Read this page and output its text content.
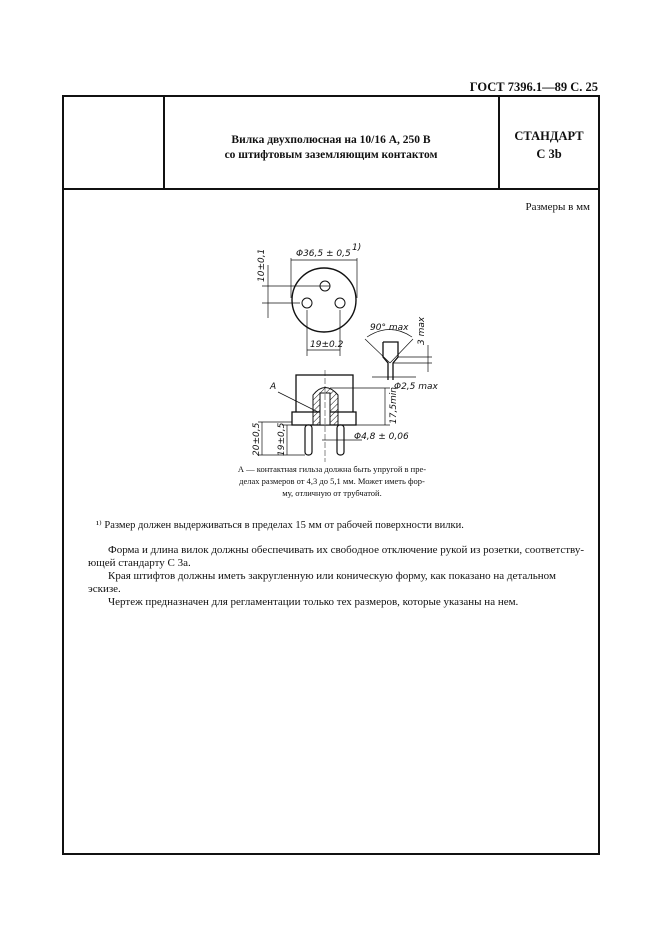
ГОСТ 7396.1—89 С. 25
Вилка двухполюсная на 10/16 А, 250 В
со штифтовым заземляющим контактом
СТАНДАРТ
С 3b
Размеры в мм
Φ36,5 ± 0,5
1)
10±0,1
19±0.2
90° max 3 max
Φ2,5 max
A	17,5min
Φ4,8 ± 0,06
20±0,5 19±0,5
А — контактная гильза должна быть упругой в пре-
делах размеров от 4,3 до 5,1 мм. Может иметь фор-
му, отличную от трубчатой.
¹⁾ Размер должен выдерживаться в пределах 15 мм от рабочей поверхности вилки.
Форма и длина вилок должны обеспечивать их свободное отключение рукой из розетки, соответству-
ющей стандарту С 3а.
Края штифтов должны иметь закругленную или коническую форму, как показано на детальном
эскизе.
Чертеж предназначен для регламентации только тех размеров, которые указаны на нем.
